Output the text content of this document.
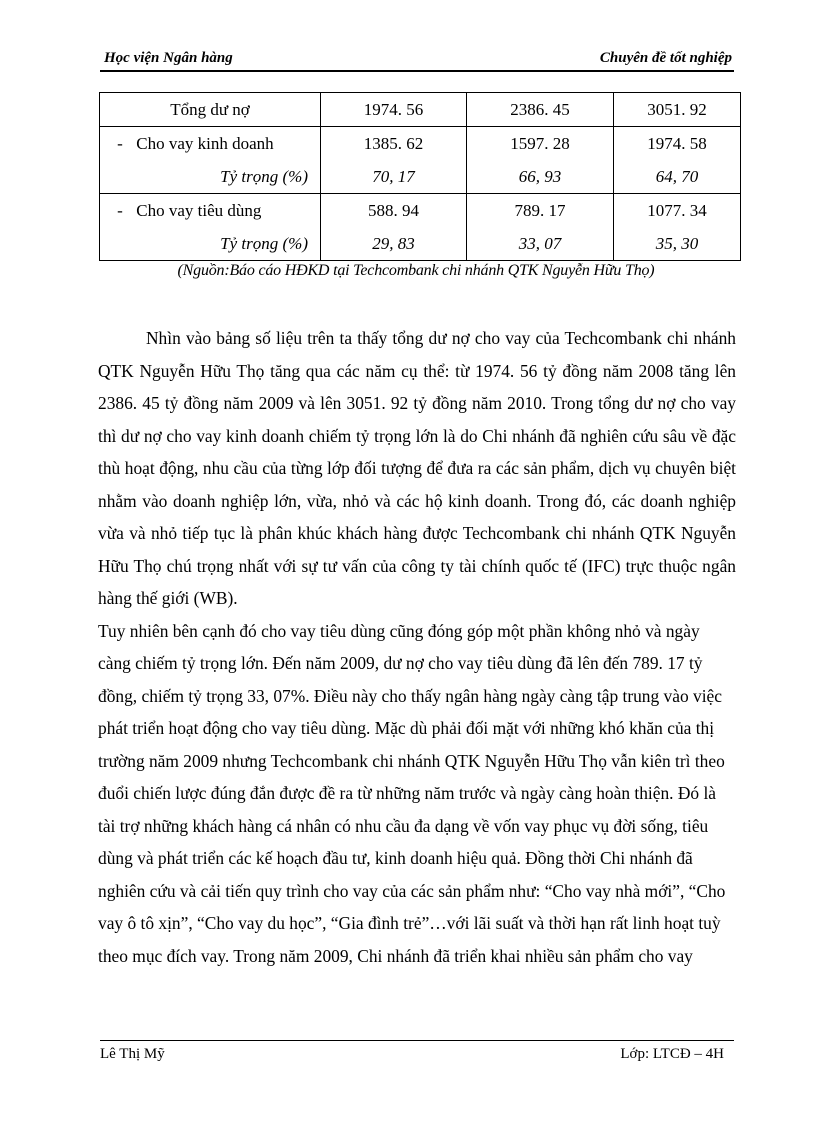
Học viện Ngân hàng	Chuyên đề tốt nghiệp
Tổng dư nợ	1974. 56	2386. 45	3051. 92
- Cho vay kinh doanh	1385. 62	1597. 28	1974. 58

Tỷ trọng (%)	70, 17	66, 93	64, 70
- Cho vay tiêu dùng	588. 94	789. 17	1077. 34

Tỷ trọng (%)	29, 83	33, 07	35, 30
(Nguồn:Báo cáo HĐKD tại Techcombank chi nhánh QTK Nguyễn Hữu Thọ)

Nhìn vào bảng số liệu trên ta thấy tổng dư nợ cho vay của Techcombank chi nhánh QTK Nguyễn Hữu Thọ tăng qua các năm cụ thể: từ 1974. 56 tỷ đồng năm 2008 tăng lên 2386. 45 tỷ đồng năm 2009 và lên 3051. 92 tỷ đồng năm 2010. Trong tổng dư nợ cho vay thì dư nợ cho vay kinh doanh chiếm tỷ trọng lớn là do Chi nhánh đã nghiên cứu sâu về đặc thù hoạt động, nhu cầu của từng lớp đối tượng để đưa ra các sản phẩm, dịch vụ chuyên biệt nhằm vào doanh nghiệp lớn, vừa, nhỏ và các hộ kinh doanh. Trong đó, các doanh nghiệp vừa và nhỏ tiếp tục là phân khúc khách hàng được Techcombank chi nhánh QTK Nguyễn Hữu Thọ chú trọng nhất với sự tư vấn của công ty tài chính quốc tế (IFC) trực thuộc ngân hàng thế giới (WB).

Tuy nhiên bên cạnh đó cho vay tiêu dùng cũng đóng góp một phần không nhỏ và ngày càng chiếm tỷ trọng lớn. Đến năm 2009, dư nợ cho vay tiêu dùng đã lên đến 789. 17 tỷ đồng, chiếm tỷ trọng 33, 07%. Điều này cho thấy ngân hàng ngày càng tập trung vào việc phát triển hoạt động cho vay tiêu dùng. Mặc dù phải đối mặt với những khó khăn của thị trường năm 2009 nhưng Techcombank chi nhánh QTK Nguyễn Hữu Thọ vẫn kiên trì theo đuổi chiến lược đúng đắn được đề ra từ những năm trước và ngày càng hoàn thiện. Đó là tài trợ những khách hàng cá nhân có nhu cầu đa dạng về vốn vay phục vụ đời sống, tiêu dùng và phát triển các kế hoạch đầu tư, kinh doanh hiệu quả. Đồng thời Chi nhánh đã nghiên cứu và cải tiến quy trình cho vay của các sản phẩm như: “Cho vay nhà mới”, “Cho vay ô tô xịn”, “Cho vay du học”, “Gia đình trẻ”…với lãi suất và thời hạn rất linh hoạt tuỳ theo mục đích vay. Trong năm 2009, Chi nhánh đã triển khai nhiều sản phẩm cho vay

Lê Thị Mỹ	Lớp: LTCĐ – 4H
